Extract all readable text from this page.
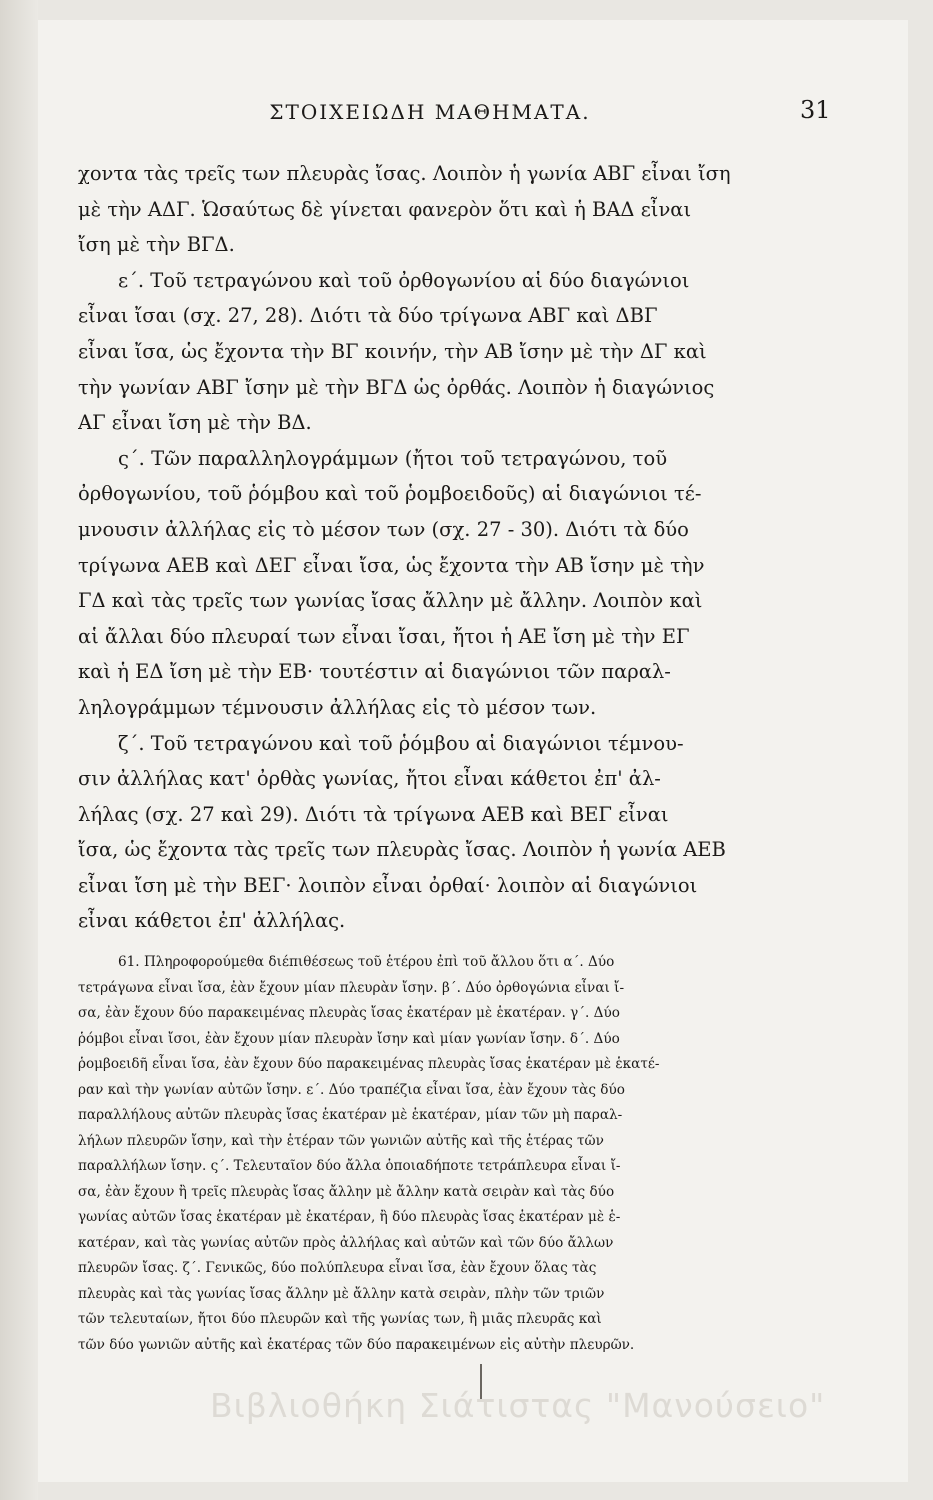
ΣΤΟΙΧΕΙΩΔΗ ΜΑΘΗΜΑΤΑ.	31
χοντα τὰς τρεῖς των πλευρὰς ἴσας. Λοιπὸν ἡ γωνία ΑΒΓ εἶναι ἴση
μὲ τὴν ΑΔΓ. Ὡσαύτως δὲ γίνεται φανερὸν ὅτι καὶ ἡ ΒΑΔ εἶναι
ἴση μὲ τὴν ΒΓΔ.
ε΄. Τοῦ τετραγώνου καὶ τοῦ ὀρθογωνίου αἱ δύο διαγώνιοι
εἶναι ἴσαι (σχ. 27, 28). Διότι τὰ δύο τρίγωνα ΑΒΓ καὶ ΔΒΓ
εἶναι ἴσα, ὡς ἔχοντα τὴν ΒΓ κοινήν, τὴν ΑΒ ἴσην μὲ τὴν ΔΓ καὶ
τὴν γωνίαν ΑΒΓ ἴσην μὲ τὴν ΒΓΔ ὡς ὀρθάς. Λοιπὸν ἡ διαγώνιος
ΑΓ εἶναι ἴση μὲ τὴν ΒΔ.
ς΄. Τῶν παραλληλογράμμων (ἤτοι τοῦ τετραγώνου, τοῦ
ὀρθογωνίου, τοῦ ῥόμβου καὶ τοῦ ῥομβοειδοῦς) αἱ διαγώνιοι τέ-
μνουσιν ἀλλήλας εἰς τὸ μέσον των (σχ. 27 - 30). Διότι τὰ δύο
τρίγωνα ΑΕΒ καὶ ΔΕΓ εἶναι ἴσα, ὡς ἔχοντα τὴν ΑΒ ἴσην μὲ τὴν
ΓΔ καὶ τὰς τρεῖς των γωνίας ἴσας ἄλλην μὲ ἄλλην. Λοιπὸν καὶ
αἱ ἄλλαι δύο πλευραί των εἶναι ἴσαι, ἤτοι ἡ ΑΕ ἴση μὲ τὴν ΕΓ
καὶ ἡ ΕΔ ἴση μὲ τὴν ΕΒ· τουτέστιν αἱ διαγώνιοι τῶν παραλ-
ληλογράμμων τέμνουσιν ἀλλήλας εἰς τὸ μέσον των.
ζ΄. Τοῦ τετραγώνου καὶ τοῦ ῥόμβου αἱ διαγώνιοι τέμνου-
σιν ἀλλήλας κατ' ὀρθὰς γωνίας, ἤτοι εἶναι κάθετοι ἐπ' ἀλ-
λήλας (σχ. 27 καὶ 29). Διότι τὰ τρίγωνα ΑΕΒ καὶ ΒΕΓ εἶναι
ἴσα, ὡς ἔχοντα τὰς τρεῖς των πλευρὰς ἴσας. Λοιπὸν ἡ γωνία ΑΕΒ
εἶναι ἴση μὲ τὴν ΒΕΓ· λοιπὸν εἶναι ὀρθαί· λοιπὸν αἱ διαγώνιοι
εἶναι κάθετοι ἐπ' ἀλλήλας.
61. Πληροφορούμεθα διέπιθέσεως τοῦ ἑτέρου ἐπὶ τοῦ ἄλλου ὅτι α΄. Δύο
τετράγωνα εἶναι ἴσα, ἐὰν ἔχουν μίαν πλευρὰν ἴσην. β΄. Δύο ὀρθογώνια εἶναι ἴ-
σα, ἐὰν ἔχουν δύο παρακειμένας πλευρὰς ἴσας ἑκατέραν μὲ ἑκατέραν. γ΄. Δύο
ῥόμβοι εἶναι ἴσοι, ἐὰν ἔχουν μίαν πλευρὰν ἴσην καὶ μίαν γωνίαν ἴσην. δ΄. Δύο
ῥομβοειδῆ εἶναι ἴσα, ἐὰν ἔχουν δύο παρακειμένας πλευρὰς ἴσας ἑκατέραν μὲ ἑκατέ-
ραν καὶ τὴν γωνίαν αὐτῶν ἴσην. ε΄. Δύο τραπέζια εἶναι ἴσα, ἐὰν ἔχουν τὰς δύο
παραλλήλους αὐτῶν πλευρὰς ἴσας ἑκατέραν μὲ ἑκατέραν, μίαν τῶν μὴ παραλ-
λήλων πλευρῶν ἴσην, καὶ τὴν ἑτέραν τῶν γωνιῶν αὐτῆς καὶ τῆς ἑτέρας τῶν
παραλλήλων ἴσην. ς΄. Τελευταῖον δύο ἄλλα ὁποιαδήποτε τετράπλευρα εἶναι ἴ-
σα, ἐὰν ἔχουν ἢ τρεῖς πλευρὰς ἴσας ἄλλην μὲ ἄλλην κατὰ σειρὰν καὶ τὰς δύο
γωνίας αὐτῶν ἴσας ἑκατέραν μὲ ἑκατέραν, ἢ δύο πλευρὰς ἴσας ἑκατέραν μὲ ἑ-
κατέραν, καὶ τὰς γωνίας αὐτῶν πρὸς ἀλλήλας καὶ αὐτῶν καὶ τῶν δύο ἄλλων
πλευρῶν ἴσας. ζ΄. Γενικῶς, δύο πολύπλευρα εἶναι ἴσα, ἐὰν ἔχουν ὅλας τὰς
πλευρὰς καὶ τὰς γωνίας ἴσας ἄλλην μὲ ἄλλην κατὰ σειρὰν, πλὴν τῶν τριῶν
τῶν τελευταίων, ἤτοι δύο πλευρῶν καὶ τῆς γωνίας των, ἢ μιᾶς πλευρᾶς καὶ
τῶν δύο γωνιῶν αὐτῆς καὶ ἑκατέρας τῶν δύο παρακειμένων εἰς αὐτὴν πλευρῶν.
Βιβλιοθήκη Σιάτιστας "Μανούσειο"
